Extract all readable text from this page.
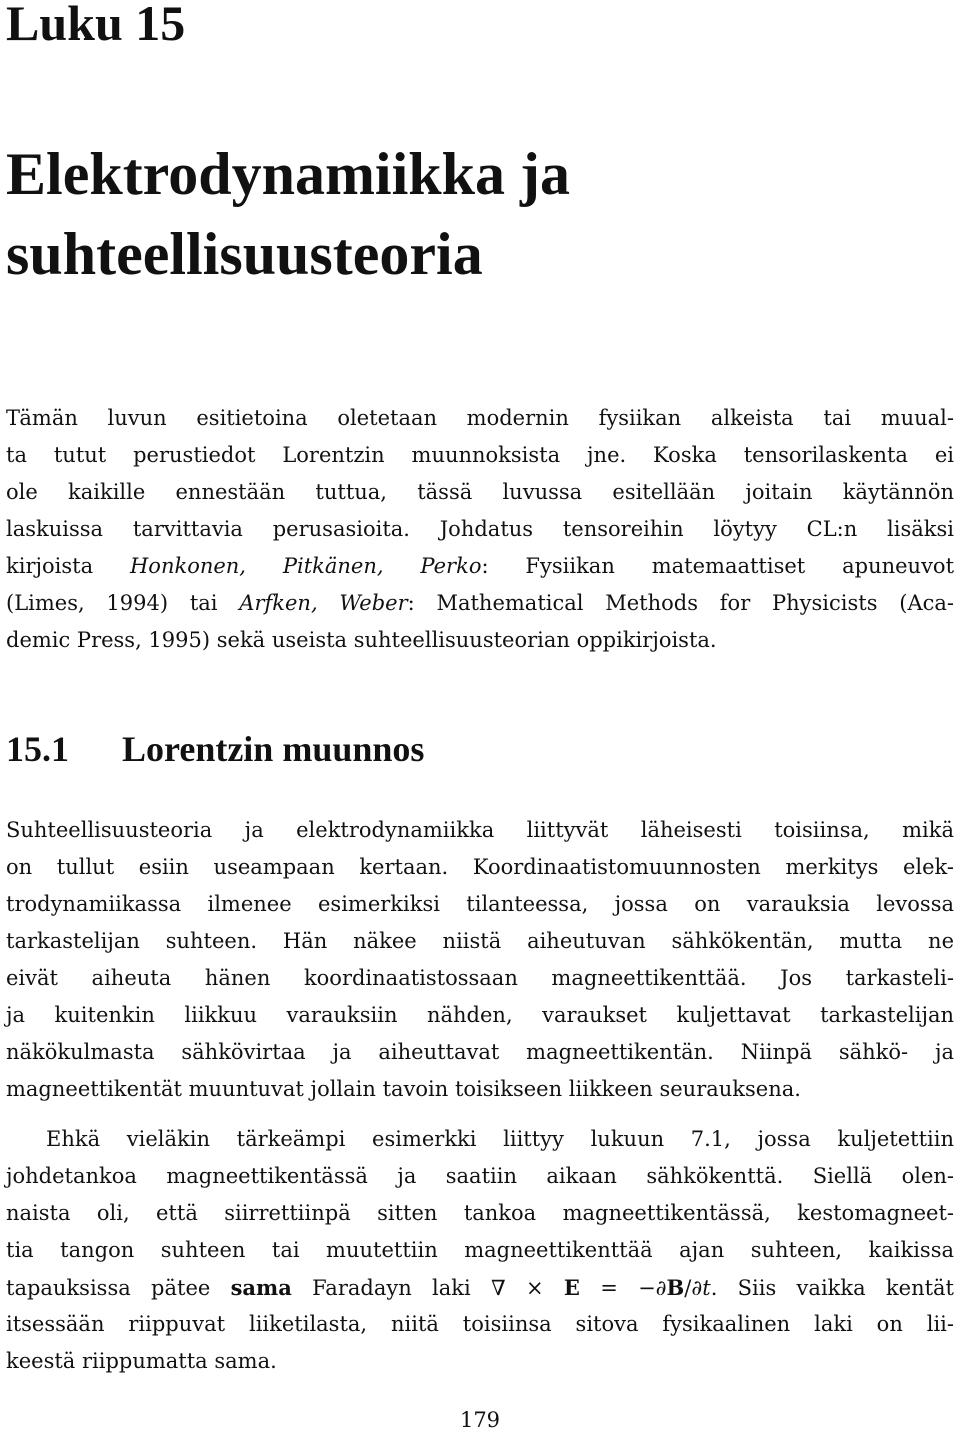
Luku 15
Elektrodynamiikka ja
suhteellisuusteoria
Tämän luvun esitietoina oletetaan modernin fysiikan alkeista tai muual-
ta tutut perustiedot Lorentzin muunnoksista jne. Koska tensorilaskenta ei
ole kaikille ennestään tuttua, tässä luvussa esitellään joitain käytännön
laskuissa tarvittavia perusasioita. Johdatus tensoreihin löytyy CL:n lisäksi
kirjoista Honkonen, Pitkänen, Perko: Fysiikan matemaattiset apuneuvot
(Limes, 1994) tai Arfken, Weber: Mathematical Methods for Physicists (Aca-
demic Press, 1995) sekä useista suhteellisuusteorian oppikirjoista.
15.1 Lorentzin muunnos
Suhteellisuusteoria ja elektrodynamiikka liittyvät läheisesti toisiinsa, mikä
on tullut esiin useampaan kertaan. Koordinaatistomuunnosten merkitys elek-
trodynamiikassa ilmenee esimerkiksi tilanteessa, jossa on varauksia levossa
tarkastelijan suhteen. Hän näkee niistä aiheutuvan sähkökentän, mutta ne
eivät aiheuta hänen koordinaatistossaan magneettikenttää. Jos tarkasteli-
ja kuitenkin liikkuu varauksiin nähden, varaukset kuljettavat tarkastelijan
näkökulmasta sähkövirtaa ja aiheuttavat magneettikentän. Niinpä sähkö- ja
magneettikentät muuntuvat jollain tavoin toisikseen liikkeen seurauksena.
Ehkä vieläkin tärkeämpi esimerkki liittyy lukuun 7.1, jossa kuljetettiin
johdetankoa magneettikentässä ja saatiin aikaan sähkökenttä. Siellä olen-
naista oli, että siirrettiinpä sitten tankoa magneettikentässä, kestomagneet-
tia tangon suhteen tai muutettiin magneettikenttää ajan suhteen, kaikissa
tapauksissa pätee sama Faradayn laki ∇ × E = −∂B/∂t. Siis vaikka kentät
itsessään riippuvat liiketilasta, niitä toisiinsa sitova fysikaalinen laki on lii-
keestä riippumatta sama.
179
